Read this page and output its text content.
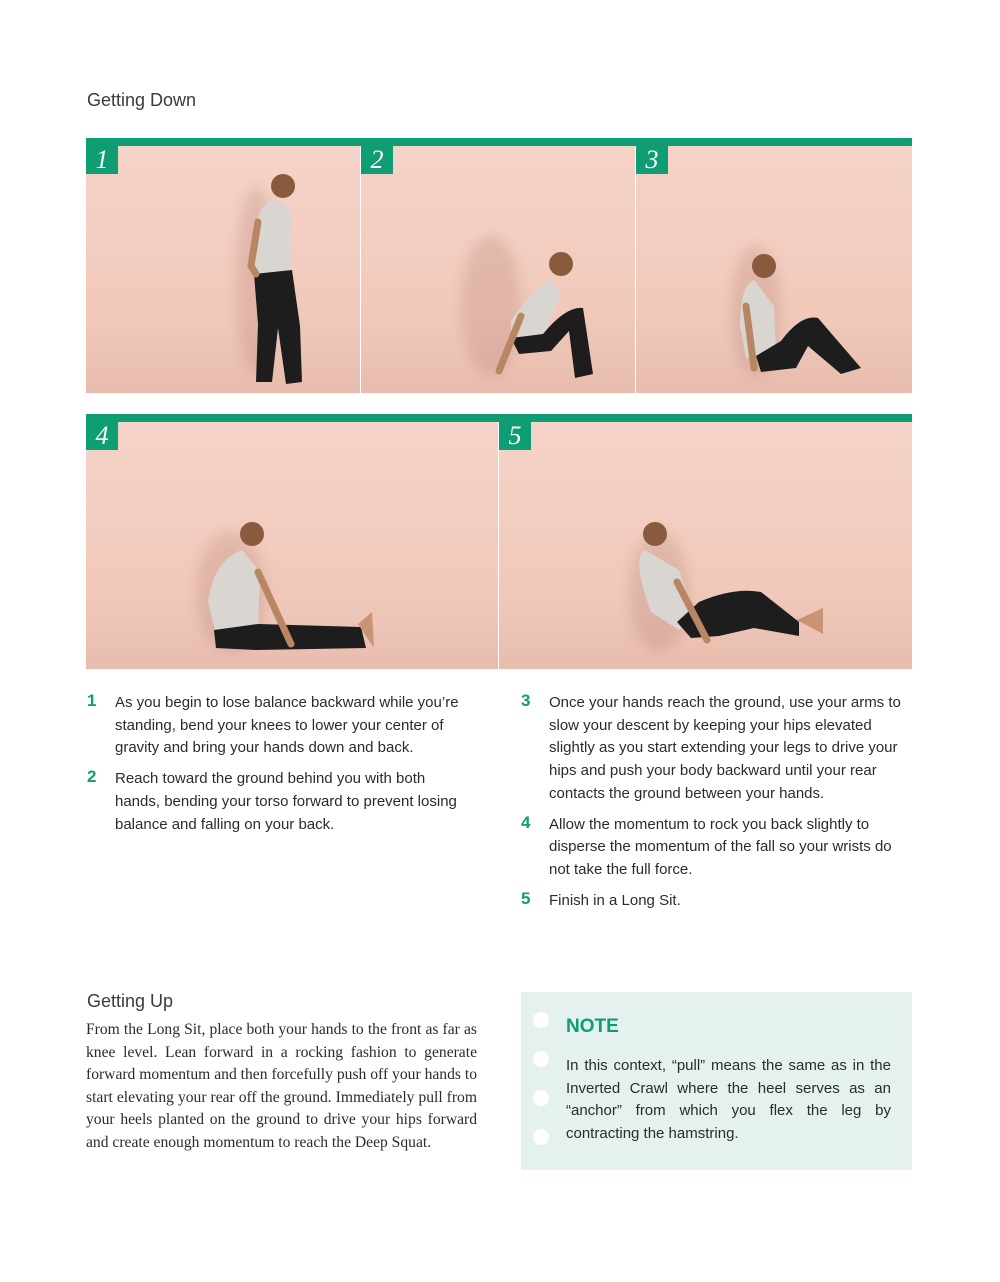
Getting Down
1	2	3
4	5
1 As you begin to lose balance backward while you’re standing, bend your knees to lower your center of gravity and bring your hands down and back.
2 Reach toward the ground behind you with both hands, bending your torso forward to prevent losing balance and falling on your back.
3 Once your hands reach the ground, use your arms to slow your descent by keeping your hips elevated slightly as you start extending your legs to drive your hips and push your body backward until your rear contacts the ground between your hands.
4 Allow the momentum to rock you back slightly to disperse the momentum of the fall so your wrists do not take the full force.
5 Finish in a Long Sit.
Getting Up

From the Long Sit, place both your hands to the front as far as knee level. Lean forward in a rocking fashion to generate forward momentum and then forcefully push off your hands to start elevating your rear off the ground. Immediately pull from your heels planted on the ground to drive your hips forward and create enough momentum to reach the Deep Squat.

NOTE

In this context, “pull” means the same as in the Inverted Crawl where the heel serves as an “anchor” from which you flex the leg by contracting the hamstring.
